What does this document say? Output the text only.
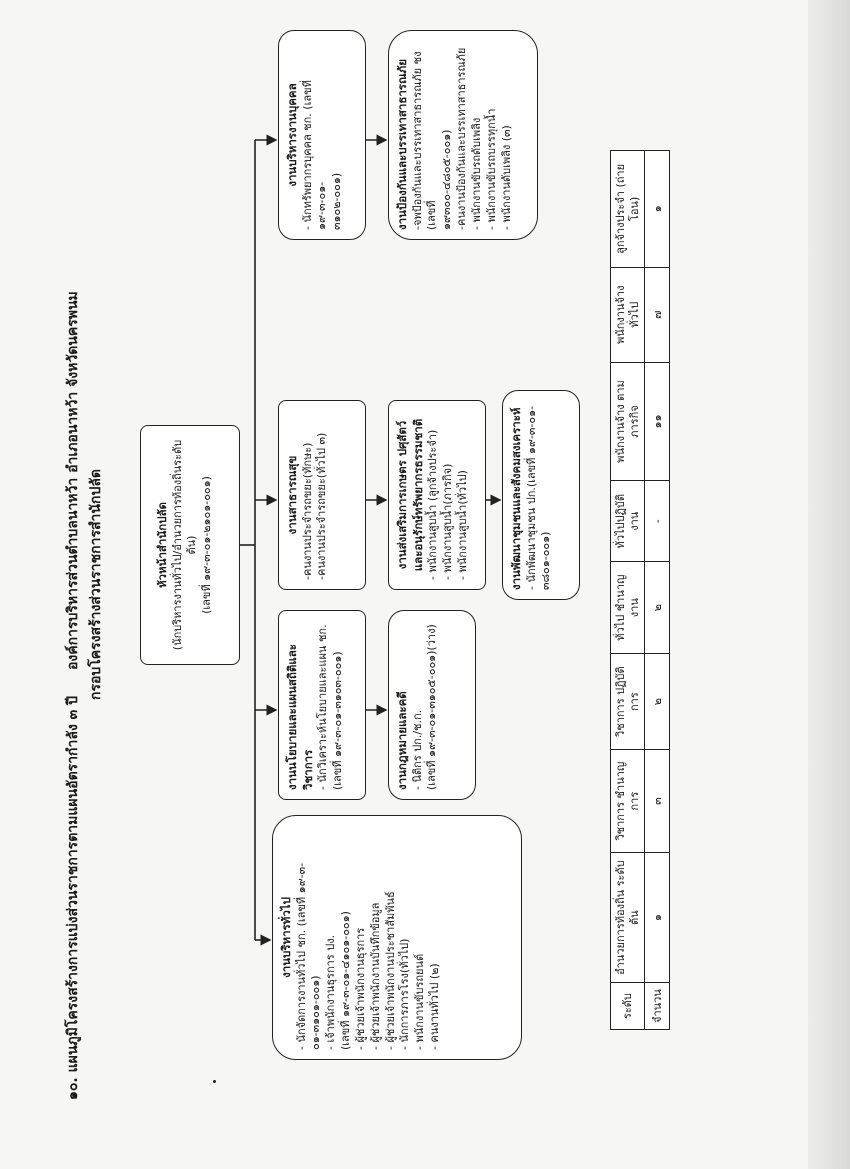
๑๐. แผนภูมิโครงสร้างการแบ่งส่วนราชการตามแผนอัตรากำลัง ๓ ปี
องค์การบริหารส่วนตำบลนาหว้า อำเภอนาหว้า จังหวัดนครพนม กรอบโครงสร้างส่วนราชการสำนักปลัด	หัวหน้าสำนักปลัด (นักบริหารงานทั่วไป/อำนวยการท้องถิ่นระดับต้น) (เลขที่ ๑๙-๓-๐๑-๒๑๐๑-๐๐๑)
งานบริหารทั่วไป - นักจัดการงานทั่วไป ชก. (เลขที่ ๑๙-๓- ๐๑-๓๑๐๑-๐๐๑) - เจ้าพนักงานธุรการ ปง. (เลขที่ ๑๙-๓-๐๑-๔๑๐๑-๐๐๑) - ผู้ช่วยเจ้าพนักงานธุรการ - ผู้ช่วยเจ้าพนักงานบันทึกข้อมูล - ผู้ช่วยเจ้าพนักงานประชาสัมพันธ์ - นักการภารโรง(ทั่วไป) - พนักงานขับรถยนต์ - คนงานทั่วไป (๒)
งานนโยบายและแผนสถิติและวิชาการ - นักวิเคราะห์นโยบายและแผน ชก. (เลขที่ ๑๙-๓-๐๑-๓๑๐๓-๐๐๑)	งานกฎหมายและคดี - นิติกร ปก./ช.ก. (เลขที่ ๑๙-๓-๐๑-๓๑๐๕-๐๐๑)(ว่าง)
งานสาธารณสุข -คนงานประจำรถขยะ(ทักษะ) -คนงานประจำรถขยะ(ทั่วไป ๓)	งานส่งเสริมการเกษตร ปศุสัตว์ และอนุรักษ์ทรัพยากรธรรมชาติ - พนักงานสูบน้ำ (ลูกจ้างประจำ) - พนักงานสูบน้ำ(ภารกิจ) - พนักงานสูบน้ำ(ทั่วไป)	งานพัฒนาชุมชนและสังคมสงเคราะห์ - นักพัฒนาชุมชน ปก.(เลขที่ ๑๙-๓-๐๑- ๓๘๐๑-๐๐๑)
งานบริหารงานบุคคล - นักทรัพยากรบุคคล ชก. (เลขที่ ๑๙-๓-๐๑- ๓๑๐๒-๐๐๑)	งานป้องกันและบรรเทาสาธารณภัย -จพป้องกันและบรรเทาสาธารณภัย ชง (เลขที่ ๑๙๓๐๐-๔๘๐๕-๐๐๑) -คนงานป้องกันและบรรเทาสาธารณภัย - พนักงานขับรถดับเพลิง - พนักงานขับรถบรรทุกน้ำ - พนักงานดับเพลิง (๓)
ระดับ	อำนวยการท้องถิ่น ระดับต้น	วิชาการ ชำนาญการ	วิชาการ ปฏิบัติการ	ทั่วไป ชำนาญงาน	ทั่วไปปฏิบัติงาน	พนักงานจ้าง ตามภารกิจ	พนักงานจ้าง ทั่วไป	ลูกจ้างประจำ (ถ่ายโอน)
จำนวน	๑	๓	๒	๒	-	๑๑	๗	๑
